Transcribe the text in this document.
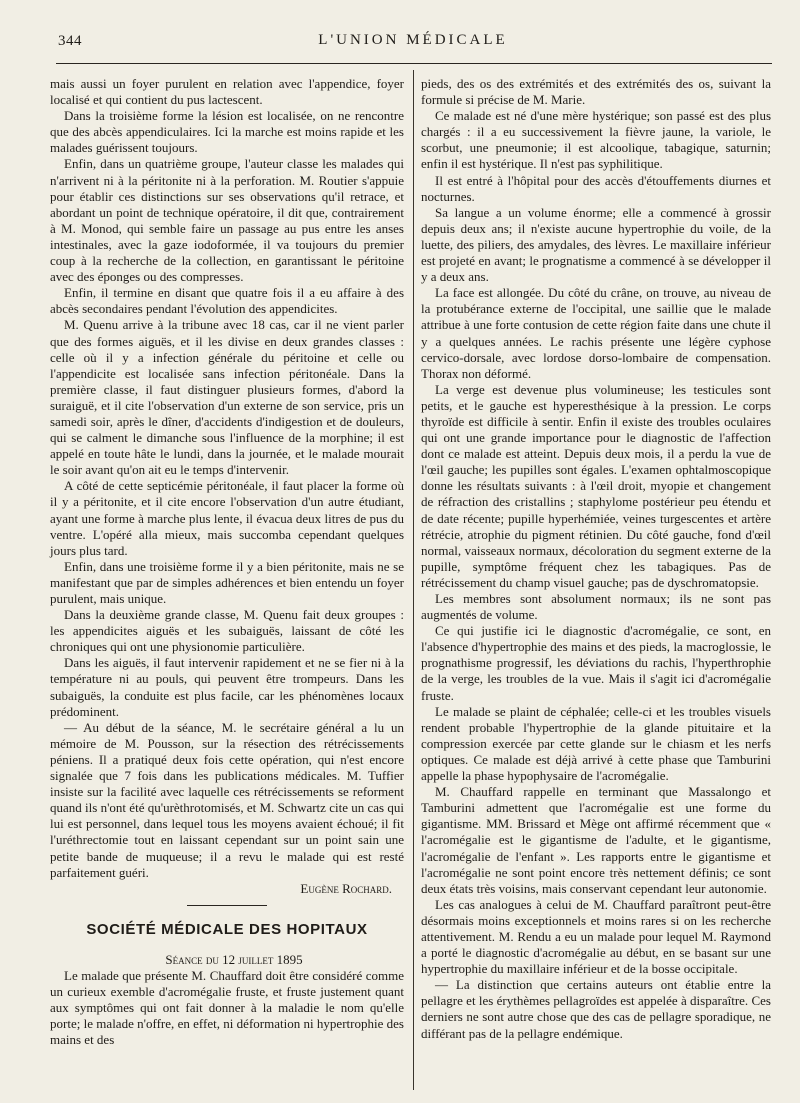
344	L'UNION MÉDICALE

mais aussi un foyer purulent en relation avec l'appendice, foyer localisé et qui contient du pus lactescent.

Dans la troisième forme la lésion est localisée, on ne rencontre que des abcès appendiculaires. Ici la marche est moins rapide et les malades guérissent toujours.

Enfin, dans un quatrième groupe, l'auteur classe les malades qui n'arrivent ni à la péritonite ni à la perforation. M. Routier s'appuie pour établir ces distinctions sur ses observations qu'il retrace, et abordant un point de technique opératoire, il dit que, contrairement à M. Monod, qui semble faire un passage au pus entre les anses intestinales, avec la gaze iodoformée, il va toujours du premier coup à la recherche de la collection, en garantissant le péritoine avec des éponges ou des compresses.

Enfin, il termine en disant que quatre fois il a eu affaire à des abcès secondaires pendant l'évolution des appendicites.

M. Quenu arrive à la tribune avec 18 cas, car il ne vient parler que des formes aiguës, et il les divise en deux grandes classes : celle où il y a infection générale du péritoine et celle ou l'appendicite est localisée sans infection péritonéale. Dans la première classe, il faut distinguer plusieurs formes, d'abord la suraiguë, et il cite l'observation d'un externe de son service, pris un samedi soir, après le dîner, d'accidents d'indigestion et de douleurs, qui se calment le dimanche sous l'influence de la morphine; il est appelé en toute hâte le lundi, dans la journée, et le malade mourait le soir avant qu'on ait eu le temps d'intervenir.

A côté de cette septicémie péritonéale, il faut placer la forme où il y a péritonite, et il cite encore l'observation d'un autre étudiant, ayant une forme à marche plus lente, il évacua deux litres de pus du ventre. L'opéré alla mieux, mais succomba cependant quelques jours plus tard.

Enfin, dans une troisième forme il y a bien péritonite, mais ne se manifestant que par de simples adhérences et bien entendu un foyer purulent, mais unique.

Dans la deuxième grande classe, M. Quenu fait deux groupes : les appendicites aiguës et les subaiguës, laissant de côté les chroniques qui ont une physionomie particulière.

Dans les aiguës, il faut intervenir rapidement et ne se fier ni à la température ni au pouls, qui peuvent être trompeurs. Dans les subaiguës, la conduite est plus facile, car les phénomènes locaux prédominent.

— Au début de la séance, M. le secrétaire général a lu un mémoire de M. Pousson, sur la résection des rétrécissements péniens. Il a pratiqué deux fois cette opération, qui n'est encore signalée que 7 fois dans les publications médicales. M. Tuffier insiste sur la facilité avec laquelle ces rétrécissements se reforment quand ils n'ont été qu'urèthrotomisés, et M. Schwartz cite un cas qui lui est personnel, dans lequel tous les moyens avaient échoué; il fit l'uréthrectomie tout en laissant cependant sur un point sain une petite bande de muqueuse; il a revu le malade qui est resté parfaitement guéri.

Eugène Rochard.

SOCIÉTÉ MÉDICALE DES HOPITAUX

Séance du 12 juillet 1895

Le malade que présente M. Chauffard doit être considéré comme un curieux exemble d'acromégalie fruste, et fruste justement quant aux symptômes qui ont fait donner à la maladie le nom qu'elle porte; le malade n'offre, en effet, ni déformation ni hypertrophie des mains et des

pieds, des os des extrémités et des extrémités des os, suivant la formule si précise de M. Marie.

Ce malade est né d'une mère hystérique; son passé est des plus chargés : il a eu successivement la fièvre jaune, la variole, le scorbut, une pneumonie; il est alcoolique, tabagique, saturnin; enfin il est hystérique. Il n'est pas syphilitique.

Il est entré à l'hôpital pour des accès d'étouffements diurnes et nocturnes.

Sa langue a un volume énorme; elle a commencé à grossir depuis deux ans; il n'existe aucune hypertrophie du voile, de la luette, des piliers, des amydales, des lèvres. Le maxillaire inférieur est projeté en avant; le prognatisme a commencé à se développer il y a deux ans.

La face est allongée. Du côté du crâne, on trouve, au niveau de la protubérance externe de l'occipital, une saillie que le malade attribue à une forte contusion de cette région faite dans une chute il y a quelques années. Le rachis présente une légère cyphose cervico-dorsale, avec lordose dorso-lombaire de compensation. Thorax non déformé.

La verge est devenue plus volumineuse; les testicules sont petits, et le gauche est hyperesthésique à la pression. Le corps thyroïde est difficile à sentir. Enfin il existe des troubles oculaires qui ont une grande importance pour le diagnostic de l'affection dont ce malade est atteint. Depuis deux mois, il a perdu la vue de l'œil gauche; les pupilles sont égales. L'examen ophtalmoscopique donne les résultats suivants : à l'œil droit, myopie et changement de réfraction des cristallins ; staphylome postérieur peu étendu et de date récente; pupille hyperhémiée, veines turgescentes et artère rétrécie, atrophie du pigment rétinien. Du côté gauche, fond d'œil normal, vaisseaux normaux, décoloration du segment externe de la pupille, symptôme fréquent chez les tabagiques. Pas de rétrécissement du champ visuel gauche; pas de dyschromatopsie.

Les membres sont absolument normaux; ils ne sont pas augmentés de volume.

Ce qui justifie ici le diagnostic d'acromégalie, ce sont, en l'absence d'hypertrophie des mains et des pieds, la macroglossie, le prognathisme progressif, les déviations du rachis, l'hyperthrophie de la verge, les troubles de la vue. Mais il s'agit ici d'acromégalie fruste.

Le malade se plaint de céphalée; celle-ci et les troubles visuels rendent probable l'hypertrophie de la glande pituitaire et la compression exercée par cette glande sur le chiasm et les nerfs optiques. Ce malade est déjà arrivé à cette phase que Tamburini appelle la phase hypophysaire de l'acromégalie.

M. Chauffard rappelle en terminant que Massalongo et Tamburini admettent que l'acromégalie est une forme du gigantisme. MM. Brissard et Mège ont affirmé récemment que « l'acromégalie est le gigantisme de l'adulte, et le gigantisme, l'acromégalie de l'enfant ». Les rapports entre le gigantisme et l'acromégalie ne sont point encore très nettement définis; ce sont deux états très voisins, mais conservant cependant leur autonomie.

Les cas analogues à celui de M. Chauffard paraîtront peut-être désormais moins exceptionnels et moins rares si on les recherche attentivement. M. Rendu a eu un malade pour lequel M. Raymond a porté le diagnostic d'acromégalie au début, en se basant sur une hypertrophie du maxillaire inférieur et de la bosse occipitale.

— La distinction que certains auteurs ont établie entre la pellagre et les érythèmes pellagroïdes est appelée à disparaître. Ces derniers ne sont autre chose que des cas de pellagre sporadique, ne différant pas de la pellagre endémique.
